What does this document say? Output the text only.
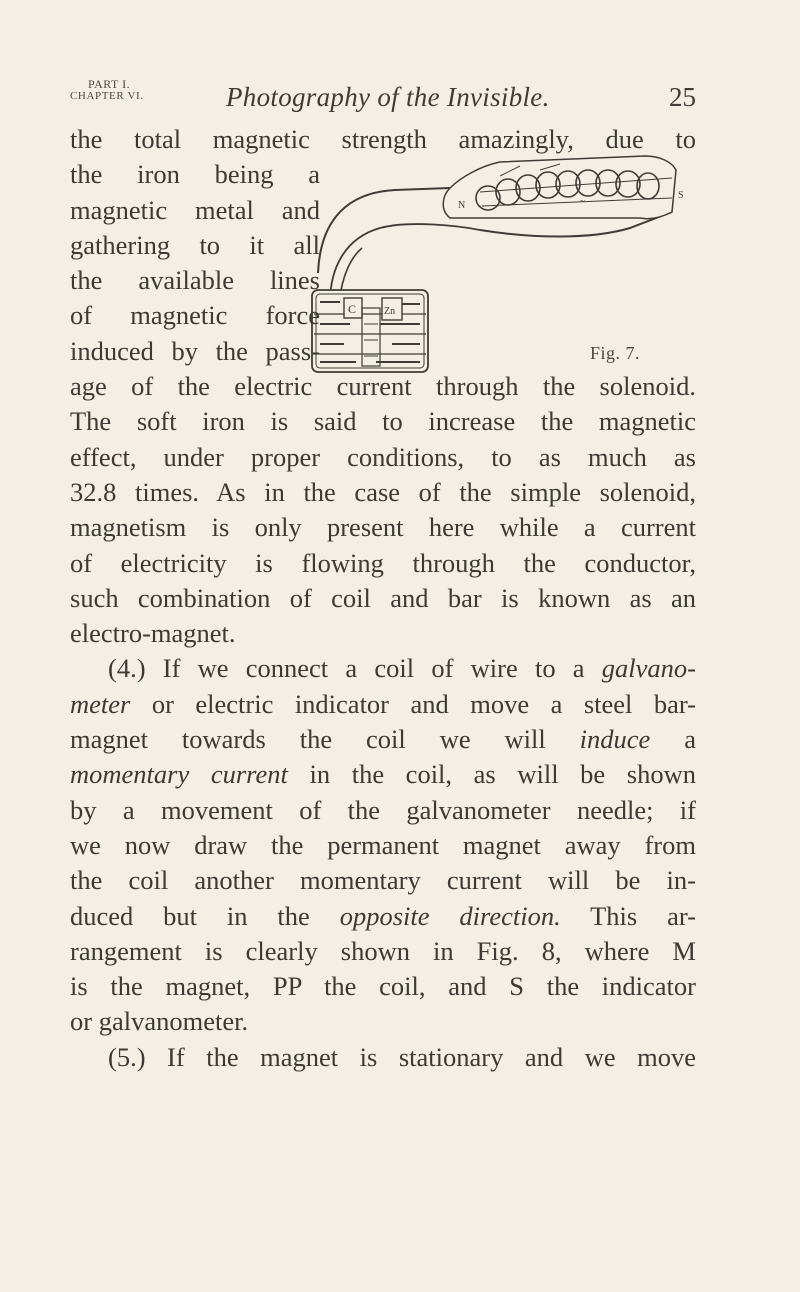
PART I.
CHAPTER VI.	Photography of the Invisible.	25
N
S
~
C	Zn
Fig. 7.
the total magnetic strength amazingly, due to
the iron being a
magnetic metal and
gathering to it all
the available lines
of magnetic force
induced by the pass-
age of the electric current through the solenoid.
The soft iron is said to increase the magnetic
effect, under proper conditions, to as much as
32.8 times. As in the case of the simple solenoid,
magnetism is only present here while a current
of electricity is flowing through the conductor,
such combination of coil and bar is known as an
electro-magnet.
(4.) If we connect a coil of wire to a galvano-
meter or electric indicator and move a steel bar-
magnet towards the coil we will induce a
momentary current in the coil, as will be shown
by a movement of the galvanometer needle; if
we now draw the permanent magnet away from
the coil another momentary current will be in-
duced but in the opposite direction. This ar-
rangement is clearly shown in Fig. 8, where M
is the magnet, PP the coil, and S the indicator
or galvanometer.
(5.) If the magnet is stationary and we move
